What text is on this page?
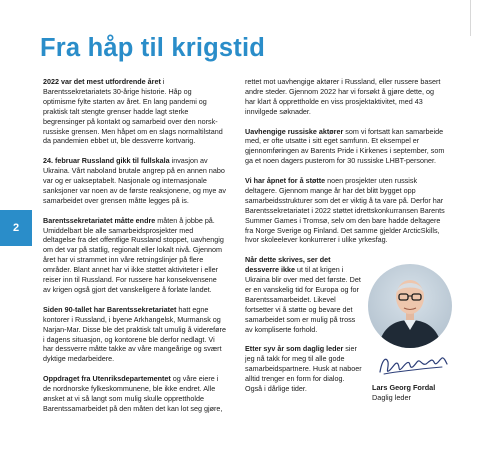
Fra håp til krigstid
2

2022 var det mest utfordrende året i Barentssekretariatets 30-årige historie. Håp og optimisme fylte starten av året. En lang pandemi og praktisk talt stengte grenser hadde lagt sterke begrensinger på kontakt og samarbeid over den norsk-russiske grensen. Men håpet om en slags normaltilstand da pandemien ebbet ut, ble dessverre kortvarig.

24. februar Russland gikk til fullskala invasjon av Ukraina. Vårt naboland brutale angrep på en annen nabo var og er uakseptabelt. Nasjonale og internasjonale sanksjoner var noen av de første reaksjonene, og mye av samarbeidet over grensen måtte legges på is.

Barentssekretariatet måtte endre måten å jobbe på. Umiddelbart ble alle samarbeidsprosjekter med deltagelse fra det offentlige Russland stoppet, uavhengig om det var på statlig, regionalt eller lokalt nivå. Gjennom året har vi strammet inn våre retningslinjer på flere områder. Blant annet har vi ikke støttet aktiviteter i eller reiser inn til Russland. For russere har konsekvensene av krigen også gjort det vanskeligere å forlate landet.

Siden 90-tallet har Barentssekretariatet hatt egne kontorer i Russland, i byene Arkhangelsk, Murmansk og Narjan-Mar. Disse ble det praktisk talt umulig å videreføre i dagens situasjon, og kontorene ble derfor nedlagt. Vi har dessverre måtte takke av våre mangeårige og svært dyktige medarbeidere.

Oppdraget fra Utenriksdepartementet og våre eiere i de nordnorske fylkeskommunene, ble ikke endret. Alle ønsket at vi så langt som mulig skulle opprettholde Barentssamarbeidet på den måten det kan lot seg gjøre,

rettet mot uavhengige aktører i Russland, eller russere basert andre steder. Gjennom 2022 har vi forsøkt å gjøre dette, og har klart å opprettholde en viss prosjektaktivitet, med 43 innvilgede søknader.

Uavhengige russiske aktører som vi fortsatt kan samarbeide med, er ofte utsatte i sitt eget samfunn. Et eksempel er gjennomføringen av Barents Pride i Kirkenes i september, som ga et noen dagers pusterom for 30 russiske LHBT-personer.

Vi har åpnet for å støtte noen prosjekter uten russisk deltagere. Gjennom mange år har det blitt bygget opp samarbeidsstrukturer som det er viktig å ta vare på. Derfor har Barentssekretariatet i 2022 støttet idrettskonkurransen Barents Summer Games i Tromsø, selv om den bare hadde deltagere fra Norge Sverige og Finland. Det samme gjelder ArcticSkills, hvor skoleelever konkurrerer i ulike yrkesfag.

Når dette skrives, ser det dessverre ikke ut til at krigen i Ukraina blir over med det første. Det er en vanskelig tid for Europa og for Barentssamarbeidet. Likevel fortsetter vi å støtte og bevare det samarbeidet som er mulig på tross av kompliserte forhold.

Etter syv år som daglig leder sier jeg nå takk for meg til alle gode samarbeidspartnere. Husk at naboer alltid trenger en form for dialog. Også i dårlige tider.	Lars Georg Fordal
Daglig leder
